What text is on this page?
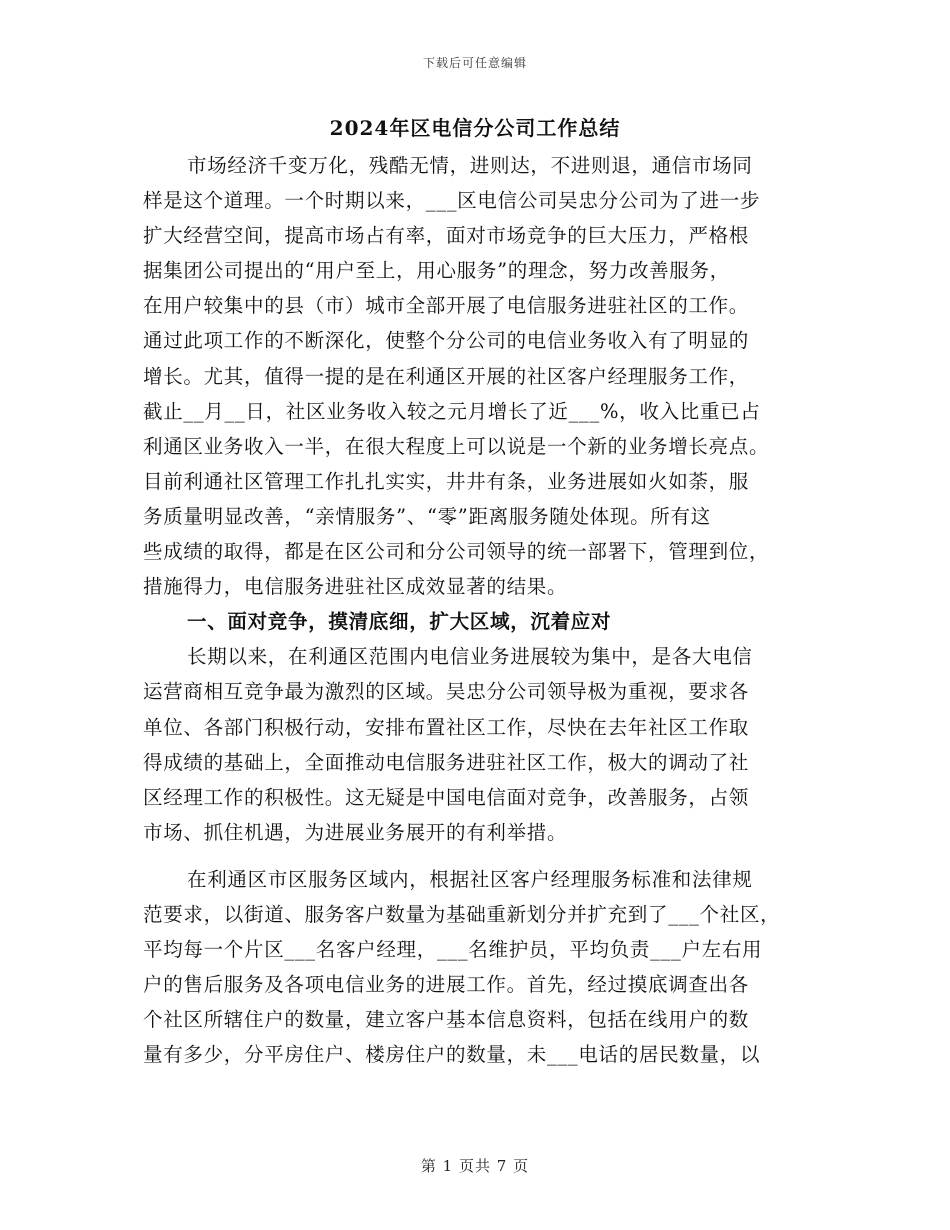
下载后可任意编辑
2024年区电信分公司工作总结
市场经济千变万化，残酷无情，进则达，不进则退，通信市场同
样是这个道理。一个时期以来，___区电信公司吴忠分公司为了进一步
扩大经营空间，提高市场占有率，面对市场竞争的巨大压力，严格根
据集团公司提出的“用户至上，用心服务”的理念，努力改善服务，
在用户较集中的县（市）城市全部开展了电信服务进驻社区的工作。
通过此项工作的不断深化，使整个分公司的电信业务收入有了明显的
增长。尤其，值得一提的是在利通区开展的社区客户经理服务工作，
截止__月__日，社区业务收入较之元月增长了近___%，收入比重已占
利通区业务收入一半，在很大程度上可以说是一个新的业务增长亮点。
目前利通社区管理工作扎扎实实，井井有条，业务进展如火如荼，服
务质量明显改善，“亲情服务”、“零”距离服务随处体现。所有这
些成绩的取得，都是在区公司和分公司领导的统一部署下，管理到位，
措施得力，电信服务进驻社区成效显著的结果。
一、面对竞争，摸清底细，扩大区域，沉着应对
长期以来，在利通区范围内电信业务进展较为集中，是各大电信
运营商相互竞争最为激烈的区域。吴忠分公司领导极为重视，要求各
单位、各部门积极行动，安排布置社区工作，尽快在去年社区工作取
得成绩的基础上，全面推动电信服务进驻社区工作，极大的调动了社
区经理工作的积极性。这无疑是中国电信面对竞争，改善服务，占领
市场、抓住机遇，为进展业务展开的有利举措。
在利通区市区服务区域内，根据社区客户经理服务标准和法律规
范要求，以街道、服务客户数量为基础重新划分并扩充到了___个社区，
平均每一个片区___名客户经理，___名维护员，平均负责___户左右用
户的售后服务及各项电信业务的进展工作。首先，经过摸底调查出各
个社区所辖住户的数量，建立客户基本信息资料，包括在线用户的数
量有多少，分平房住户、楼房住户的数量，未___电话的居民数量，以
第 1 页共 7 页
